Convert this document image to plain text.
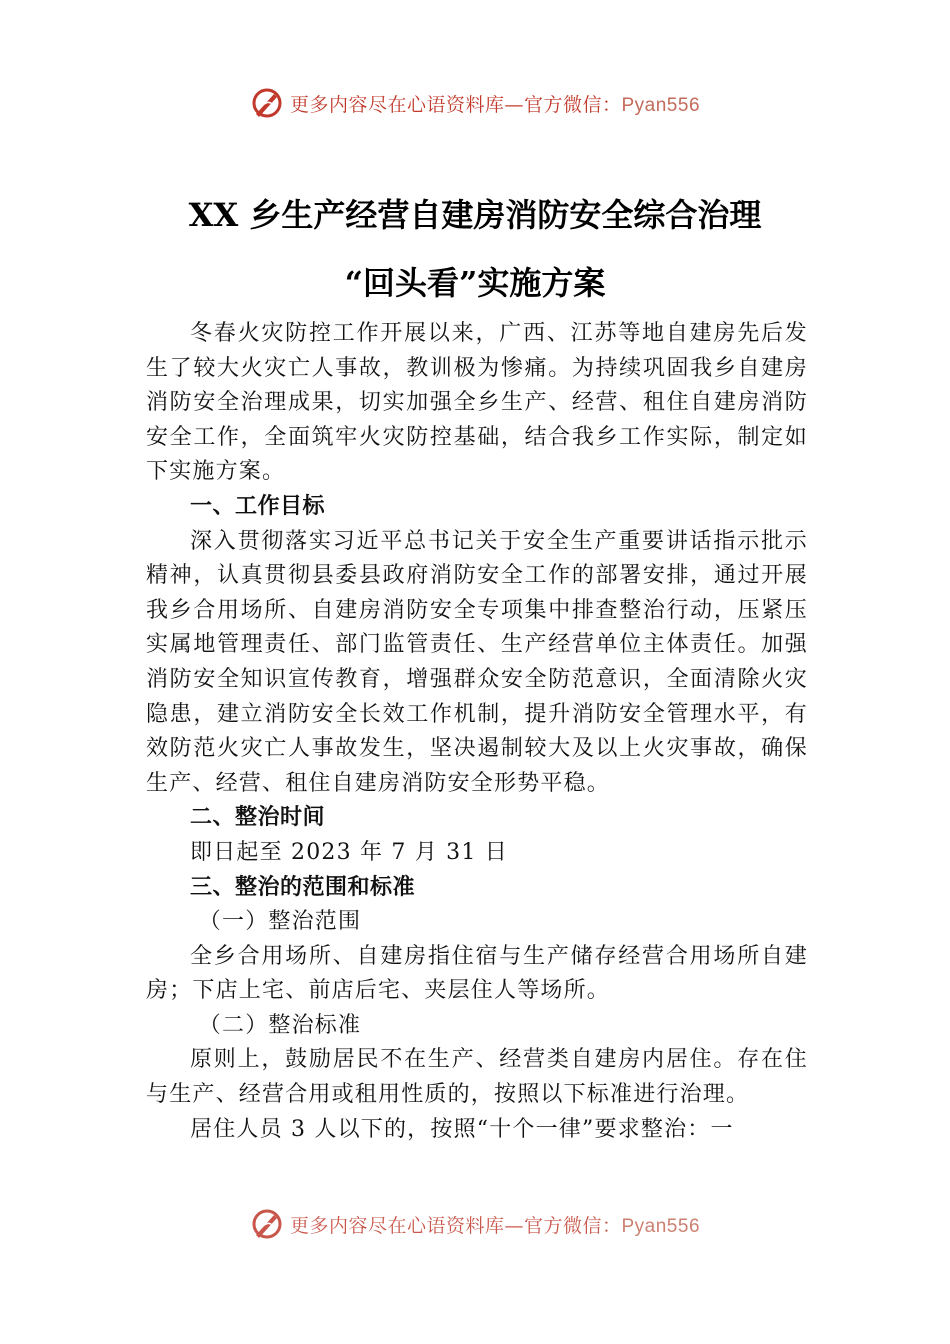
更多内容尽在心语资料库—官方微信：Pyan556
XX 乡生产经营自建房消防安全综合治理
“回头看”实施方案

冬春火灾防控工作开展以来，广西、江苏等地自建房先后发生了较大火灾亡人事故，教训极为惨痛。为持续巩固我乡自建房消防安全治理成果，切实加强全乡生产、经营、租住自建房消防安全工作，全面筑牢火灾防控基础，结合我乡工作实际，制定如下实施方案。

一、工作目标

深入贯彻落实习近平总书记关于安全生产重要讲话指示批示精神，认真贯彻县委县政府消防安全工作的部署安排，通过开展我乡合用场所、自建房消防安全专项集中排查整治行动，压紧压实属地管理责任、部门监管责任、生产经营单位主体责任。加强消防安全知识宣传教育，增强群众安全防范意识，全面清除火灾隐患，建立消防安全长效工作机制，提升消防安全管理水平，有效防范火灾亡人事故发生，坚决遏制较大及以上火灾事故，确保生产、经营、租住自建房消防安全形势平稳。

二、整治时间

即日起至 2023 年 7 月 31 日

三、整治的范围和标准

（一）整治范围

全乡合用场所、自建房指住宿与生产储存经营合用场所自建房；下店上宅、前店后宅、夹层住人等场所。

（二）整治标准

原则上，鼓励居民不在生产、经营类自建房内居住。存在住与生产、经营合用或租用性质的，按照以下标准进行治理。

居住人员 3 人以下的，按照“十个一律”要求整治：一

更多内容尽在心语资料库—官方微信：Pyan556
